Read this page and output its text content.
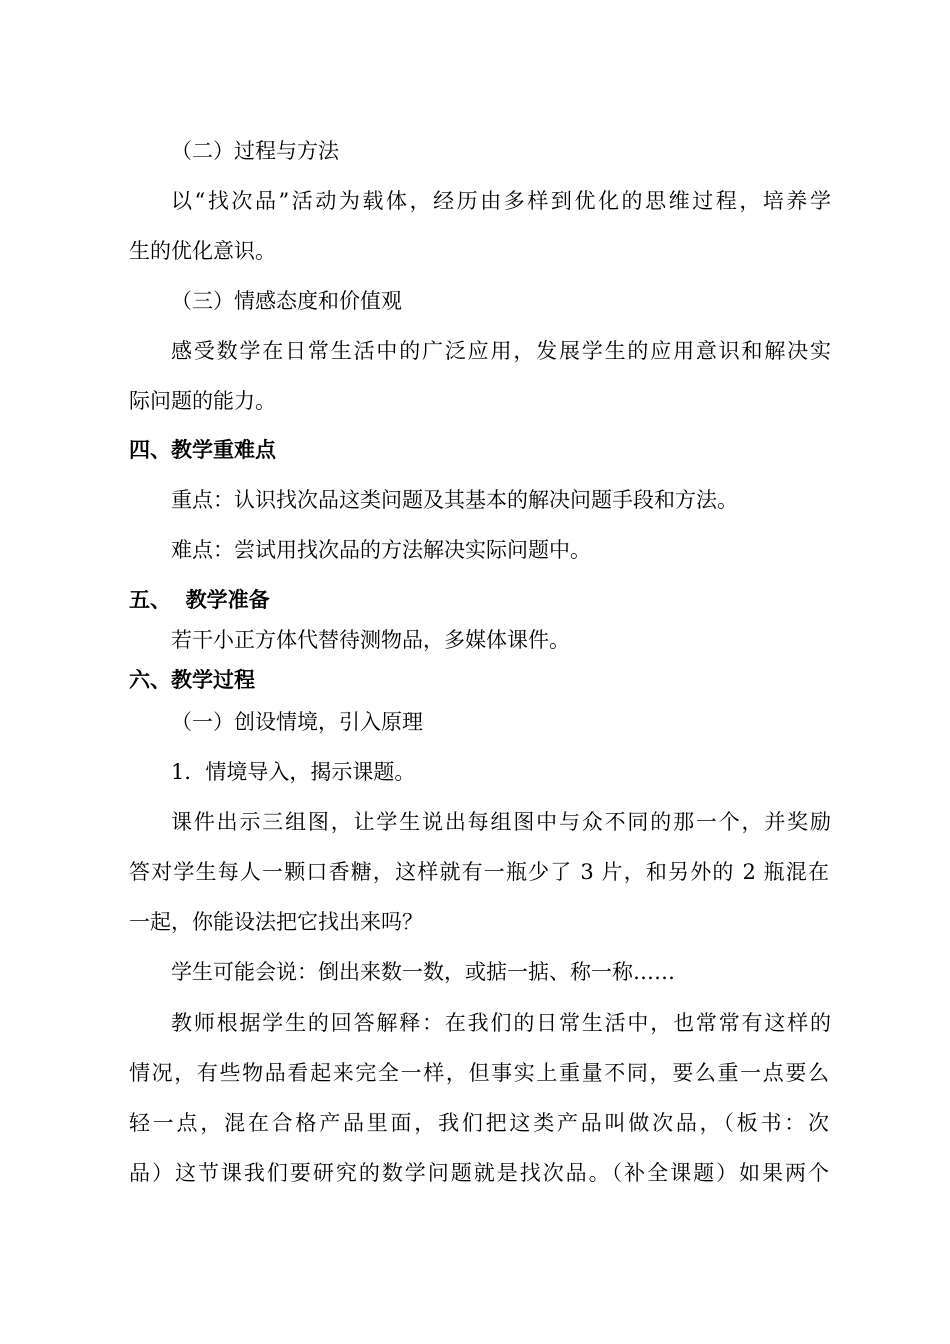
（二）过程与方法
以“找次品”活动为载体，经历由多样到优化的思维过程，培养学
生的优化意识。
（三）情感态度和价值观
感受数学在日常生活中的广泛应用，发展学生的应用意识和解决实
际问题的能力。
四、教学重难点
重点：认识找次品这类问题及其基本的解决问题手段和方法。
难点：尝试用找次品的方法解决实际问题中。
五、  教学准备
若干小正方体代替待测物品，多媒体课件。
六、教学过程
（一）创设情境，引入原理
1．情境导入，揭示课题。
课件出示三组图，让学生说出每组图中与众不同的那一个，并奖励
答对学生每人一颗口香糖，这样就有一瓶少了 3 片，和另外的 2 瓶混在
一起，你能设法把它找出来吗？
学生可能会说：倒出来数一数，或掂一掂、称一称……
教师根据学生的回答解释：在我们的日常生活中，也常常有这样的
情况，有些物品看起来完全一样，但事实上重量不同，要么重一点要么
轻一点，混在合格产品里面，我们把这类产品叫做次品，（板书：次
品）这节课我们要研究的数学问题就是找次品。（补全课题）如果两个
